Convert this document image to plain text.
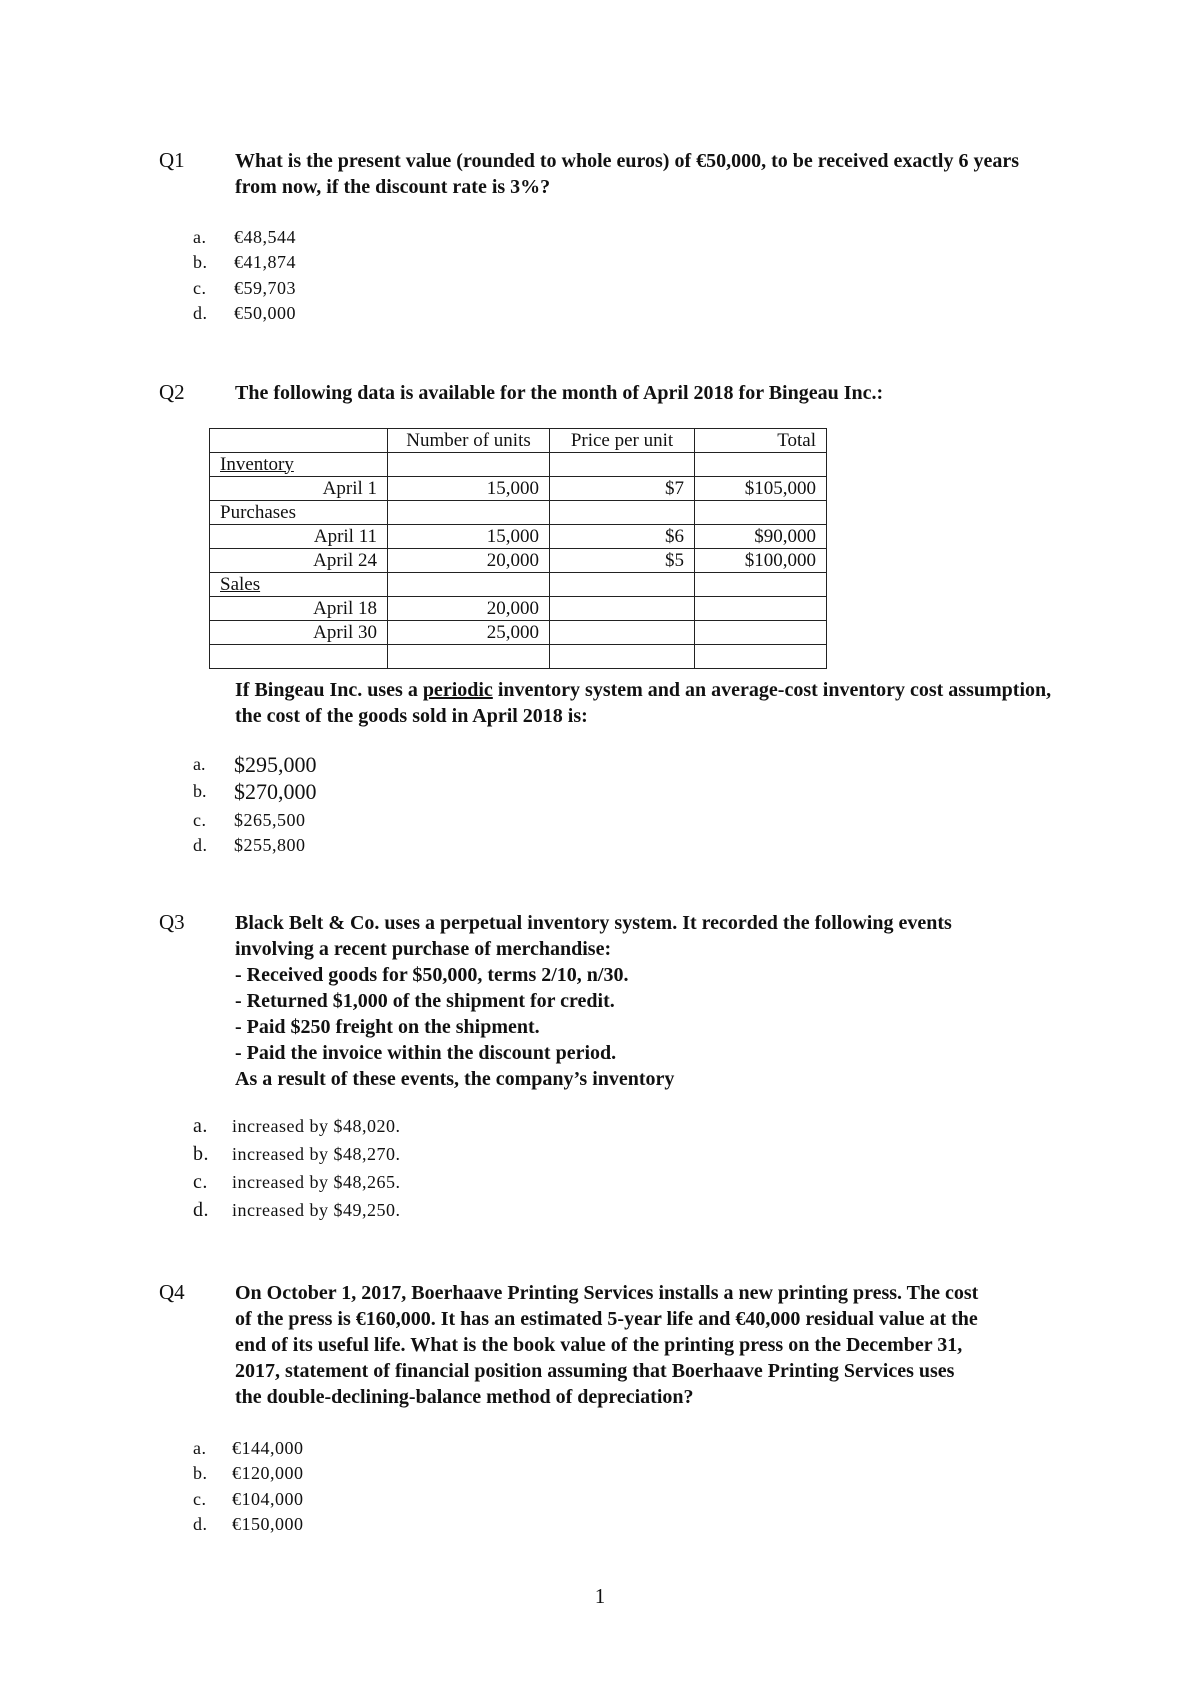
Q1	What is the present value (rounded to whole euros) of €50,000, to be received exactly 6 years from now, if the discount rate is 3%?
a.	€48,544
b.	€41,874
c.	€59,703
d.	€50,000
Q2	The following data is available for the month of April 2018 for Bingeau Inc.:
	Number of units	Price per unit	Total
Inventory			
April 1	15,000	$7	$105,000
Purchases			
April 11	15,000	$6	$90,000
April 24	20,000	$5	$100,000
Sales			
April 18	20,000		
April 30	25,000		

If Bingeau Inc. uses a periodic inventory system and an average-cost inventory cost assumption, the cost of the goods sold in April 2018 is:
a.	$295,000
b.	$270,000
c.	$265,500
d.	$255,800
Q3	Black Belt & Co. uses a perpetual inventory system. It recorded the following events
involving a recent purchase of merchandise:
- Received goods for $50,000, terms 2/10, n/30.
- Returned $1,000 of the shipment for credit.
- Paid $250 freight on the shipment.
- Paid the invoice within the discount period.
As a result of these events, the company’s inventory
a.	increased by $48,020.
b.	increased by $48,270.
c.	increased by $48,265.
d.	increased by $49,250.
Q4	On October 1, 2017, Boerhaave Printing Services installs a new printing press. The cost
of the press is €160,000. It has an estimated 5-year life and €40,000 residual value at the
end of its useful life. What is the book value of the printing press on the December 31,
2017, statement of financial position assuming that Boerhaave Printing Services uses
the double-declining-balance method of depreciation?
a.	€144,000
b.	€120,000
c.	€104,000
d.	€150,000
1
